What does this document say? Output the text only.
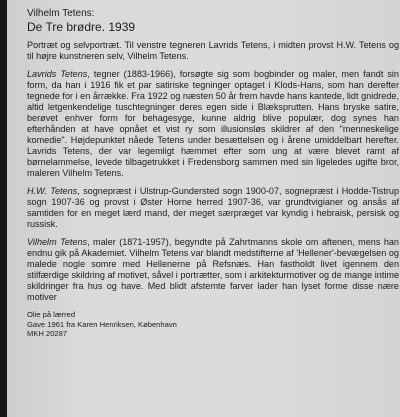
Vilhelm Tetens:

De Tre brødre. 1939

Portræt og selvportræt. Til venstre tegneren Lavrids Tetens, i midten provst H.W. Tetens og til højre kunstneren selv, Vilhelm Tetens.

Lavrids Tetens, tegner (1883-1966), forsøgte sig som bogbinder og maler, men fandt sin form, da han i 1916 fik et par satiriske tegninger optaget i Klods-Hans, som han derefter tegnede for i en årrække. Fra 1922 og næsten 50 år frem havde hans kantede, lidt gnidrede, altid letgenkendelige tuschtegninger deres egen side i Blæksprutten. Hans bryske satire, berøvet enhver form for behagesyge, kunne aldrig blive populær, dog synes han efterhånden at have opnået et vist ry som illusionsløs skildrer af den "menneskelige komedie". Højdepunktet nåede Tetens under besættelsen og i årene umiddelbart herefter. Lavrids Tetens, der var legemligt hæmmet efter som ung at være blevet ramt af børnelammelse, levede tilbagetrukket i Fredensborg sammen med sin ligeledes ugifte bror, maleren Vilhelm Tetens.

H.W. Tetens, sognepræst i Ulstrup-Gundersted sogn 1900-07, sognepræst i Hodde-Tistrup sogn 1907-36 og provst i Øster Horne herred 1907-36, var grundtvigianer og ansås af samtiden for en meget lærd mand, der meget særpræget var kyndig i hebraisk, persisk og russisk.

Vilhelm Tetens, maler (1871-1957), begyndte på Zahrtmanns skole om aftenen, mens han endnu gik på Akademiet. Vilhelm Tetens var blandt medstifterne af 'Hellener'-bevægelsen og malede nogle somre med Hellenerne på Refsnæs. Han fastholdt livet igennem den stilfærdige skildring af motivet, såvel i portrætter, som i arkitekturmotiver og de mange intime skildringer fra hus og have. Med blidt afstemte farver lader han lyset forme disse nære motiver

Olie på lærred
Gave 1961 fra Karen Henriksen, København
MKH 20287
